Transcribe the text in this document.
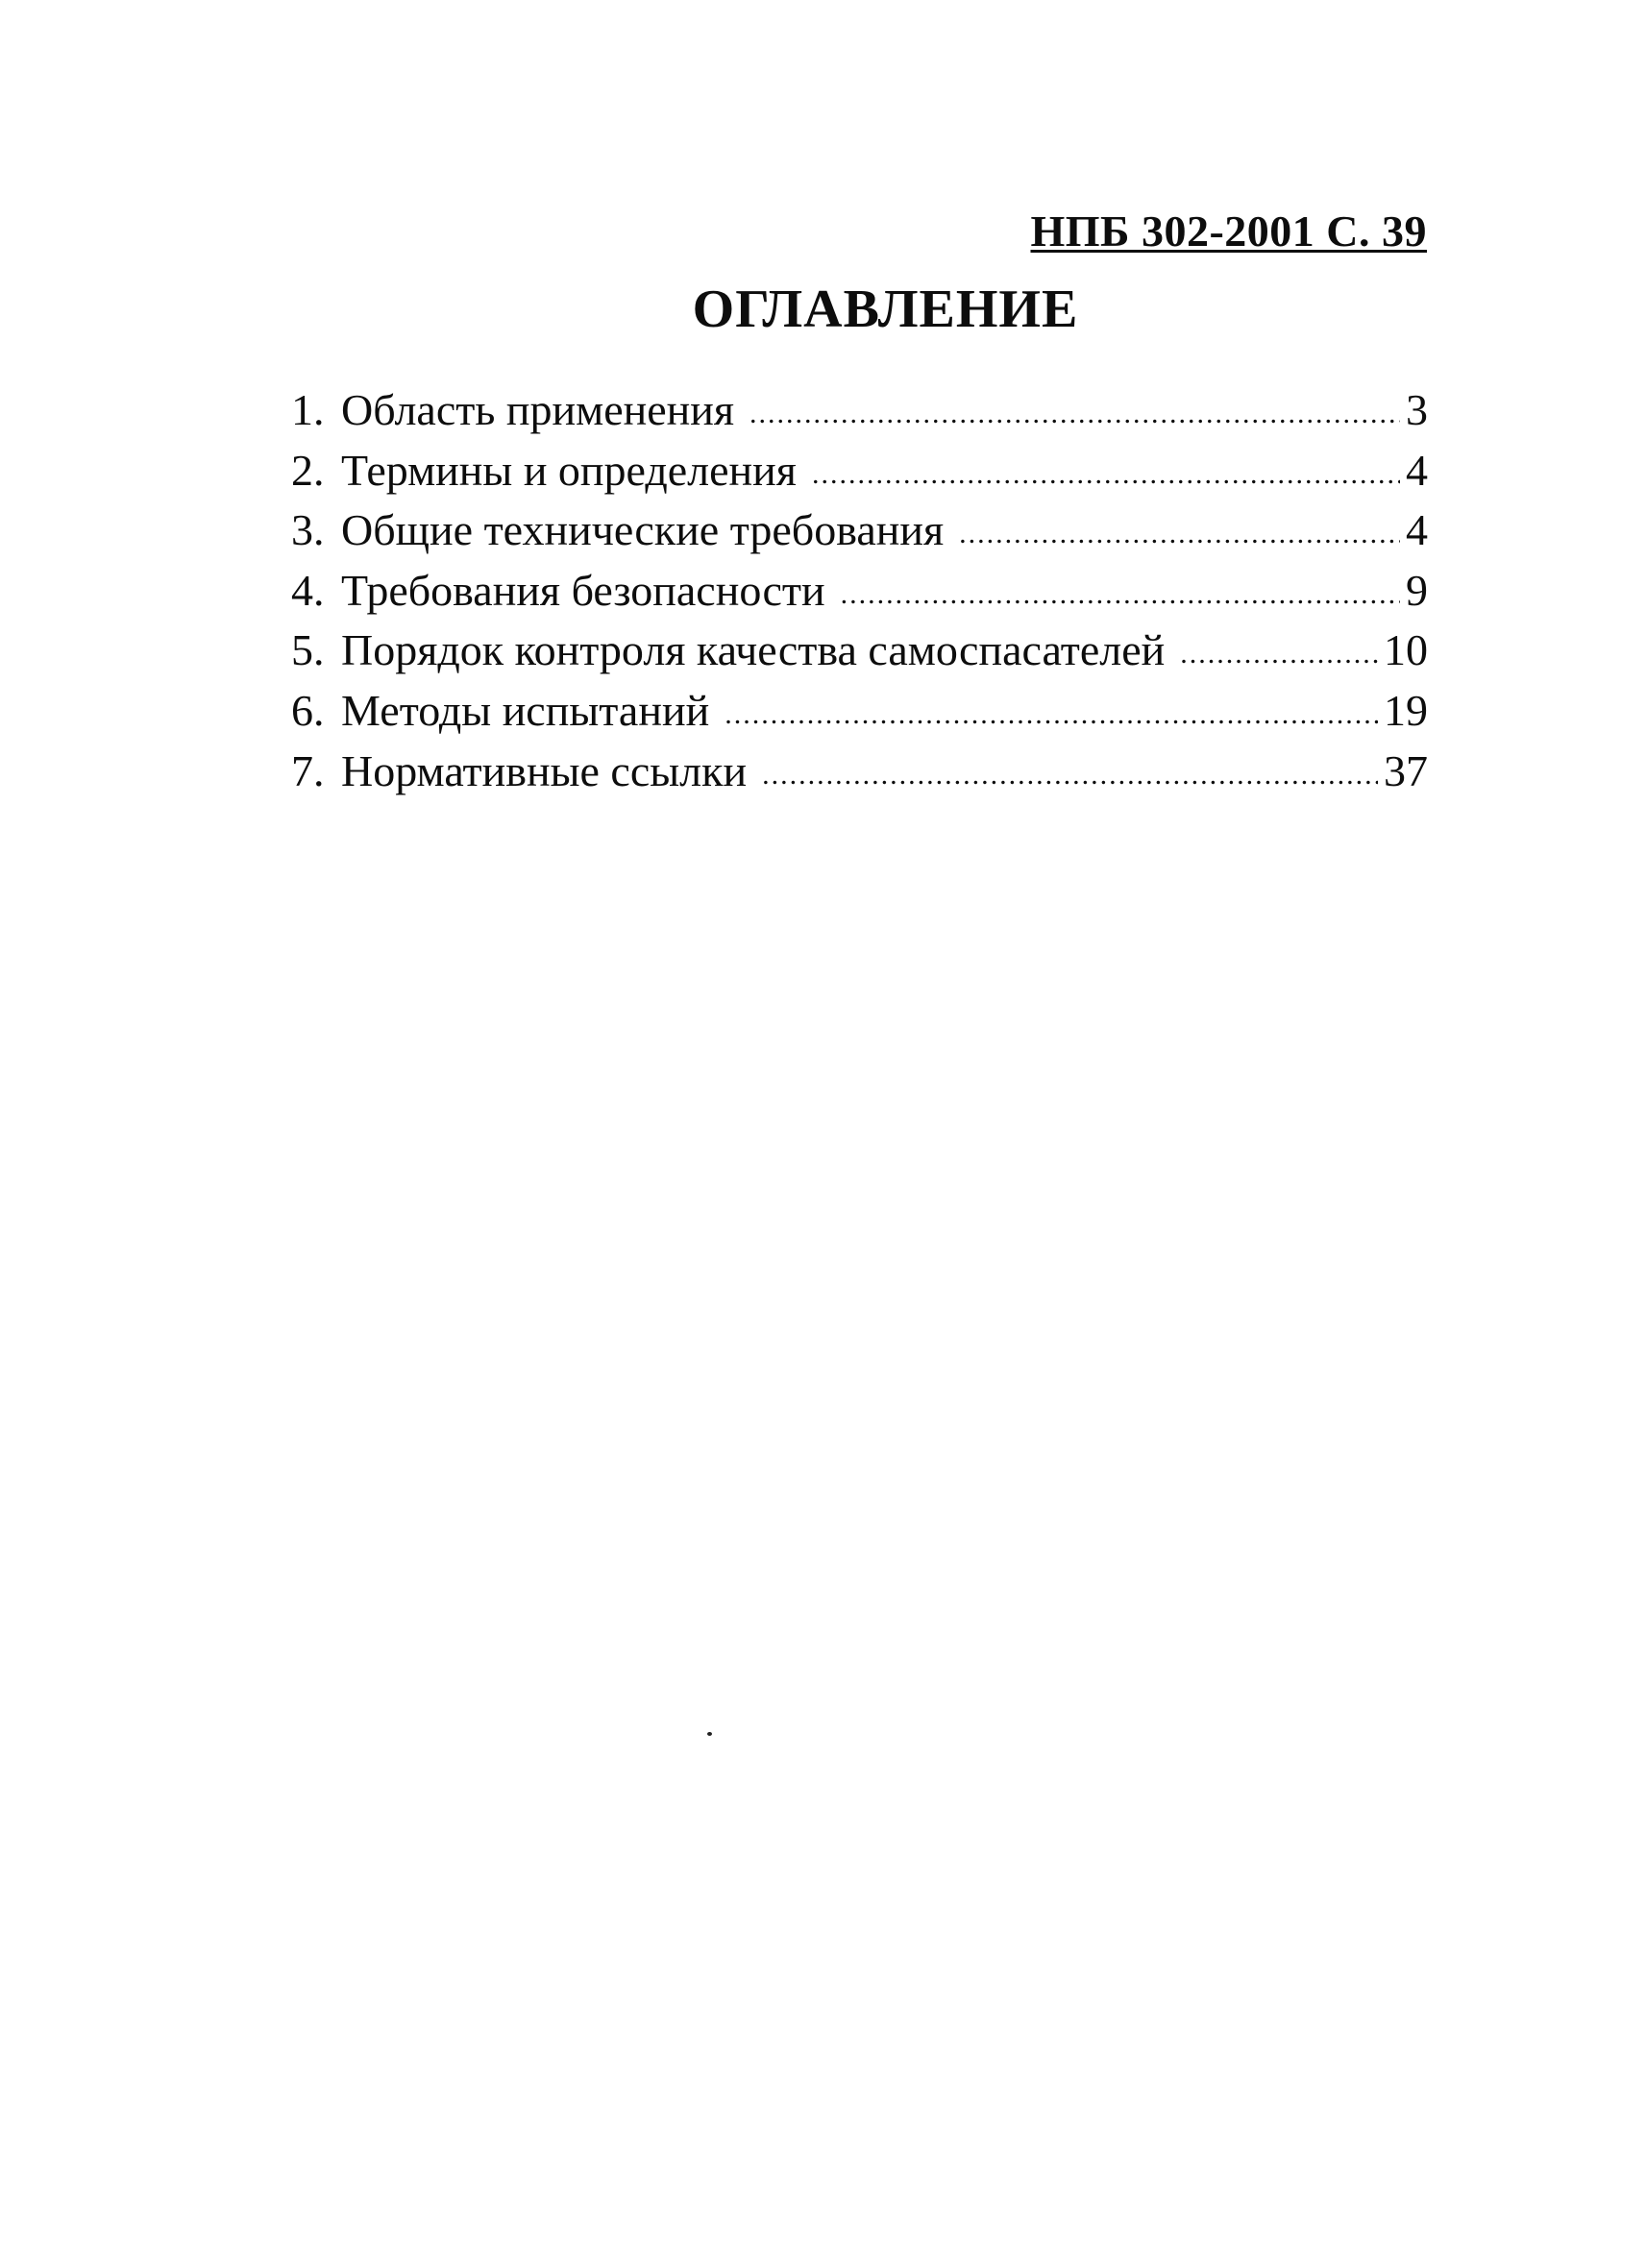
НПБ 302-2001 С. 39
ОГЛАВЛЕНИЕ
1. Область применения .....	3
2. Термины и определения .....	4
3. Общие технические требования .....	4
4. Требования безопасности .....	9
5. Порядок контроля качества самоспасателей .....	10
6. Методы испытаний .....	19
7. Нормативные ссылки .....	37
